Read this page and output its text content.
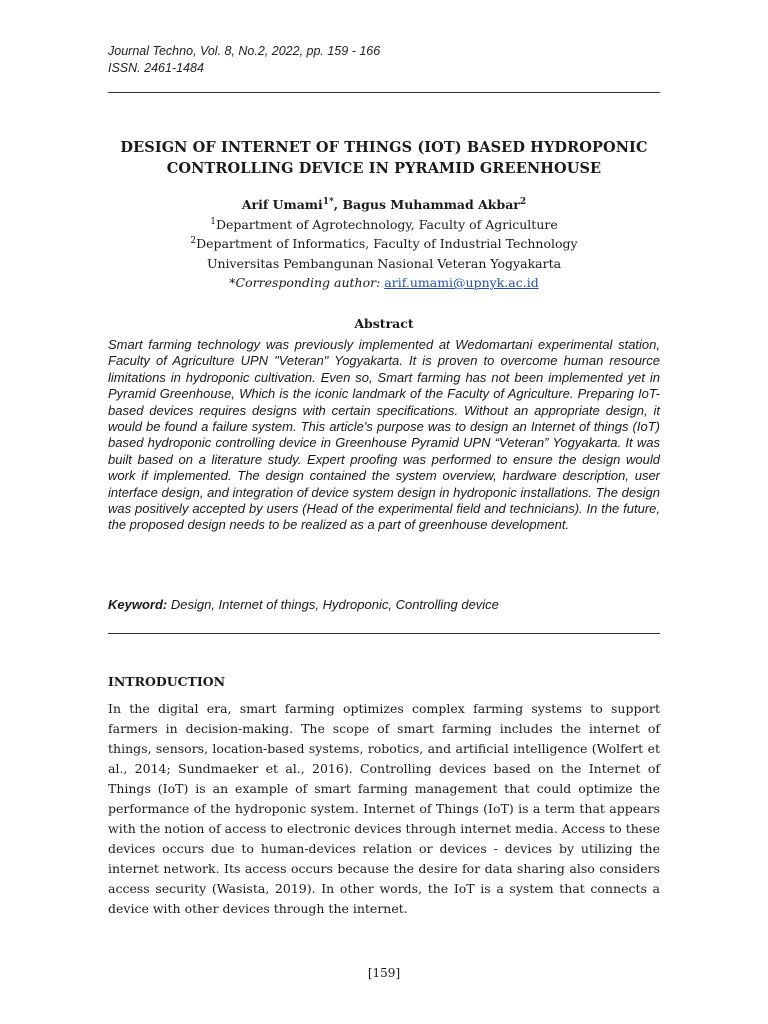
Journal Techno, Vol. 8, No.2, 2022, pp. 159 - 166
ISSN. 2461-1484
DESIGN OF INTERNET OF THINGS (IOT) BASED HYDROPONIC
CONTROLLING DEVICE IN PYRAMID GREENHOUSE
Arif Umami$^{1*}$, Bagus Muhammad Akbar$^2$
$^1$Department of Agrotechnology, Faculty of Agriculture
$^2$Department of Informatics, Faculty of Industrial Technology
Universitas Pembangunan Nasional Veteran Yogyakarta
*Corresponding author: arif.umami@upnyk.ac.id
Abstract
Smart farming technology was previously implemented at Wedomartani experimental station, Faculty of Agriculture UPN "Veteran" Yogyakarta. It is proven to overcome human resource limitations in hydroponic cultivation. Even so, Smart farming has not been implemented yet in Pyramid Greenhouse, Which is the iconic landmark of the Faculty of Agriculture. Preparing IoT-based devices requires designs with certain specifications. Without an appropriate design, it would be found a failure system. This article's purpose was to design an Internet of things (IoT) based hydroponic controlling device in Greenhouse Pyramid UPN “Veteran” Yogyakarta. It was built based on a literature study. Expert proofing was performed to ensure the design would work if implemented. The design contained the system overview, hardware description, user interface design, and integration of device system design in hydroponic installations. The design was positively accepted by users (Head of the experimental field and technicians). In the future, the proposed design needs to be realized as a part of greenhouse development.
Keyword: Design, Internet of things, Hydroponic, Controlling device
INTRODUCTION
In the digital era, smart farming optimizes complex farming systems to support farmers in decision-making. The scope of smart farming includes the internet of things, sensors, location-based systems, robotics, and artificial intelligence (Wolfert et al., 2014; Sundmaeker et al., 2016). Controlling devices based on the Internet of Things (IoT) is an example of smart farming management that could optimize the performance of the hydroponic system. Internet of Things (IoT) is a term that appears with the notion of access to electronic devices through internet media. Access to these devices occurs due to human-devices relation or devices - devices by utilizing the internet network. Its access occurs because the desire for data sharing also considers access security (Wasista, 2019). In other words, the IoT is a system that connects a device with other devices through the internet.
[159]
